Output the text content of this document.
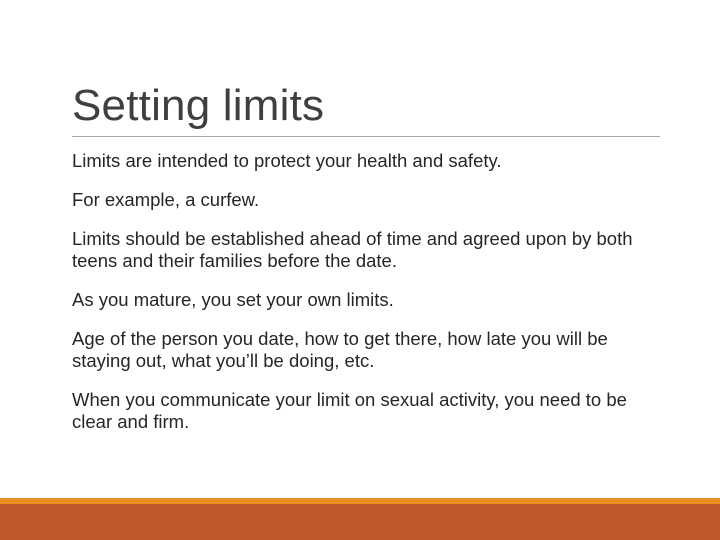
Setting limits
Limits are intended to protect your health and safety.
For example, a curfew.
Limits should be established ahead of time and agreed upon by both teens and their families before the date.
As you mature, you set your own limits.
Age of the person you date, how to get there, how late you will be staying out, what you’ll be doing, etc.
When you communicate your limit on sexual activity, you need to be clear and firm.
